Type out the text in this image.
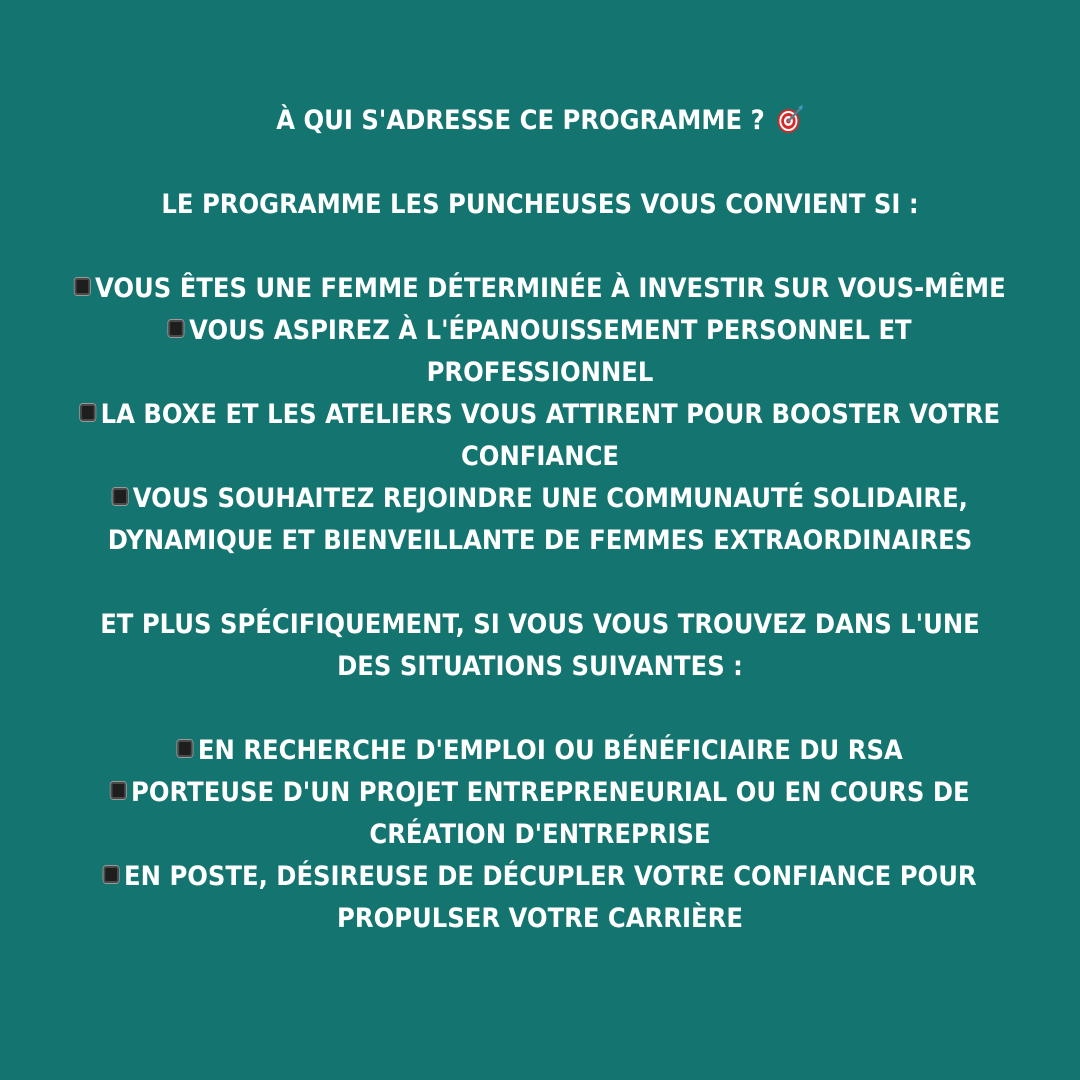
À QUI S'ADRESSE CE PROGRAMME ?

LE PROGRAMME LES PUNCHEUSES VOUS CONVIENT SI :

VOUS ÊTES UNE FEMME DÉTERMINÉE À INVESTIR SUR VOUS-MÊME

VOUS ASPIREZ À L'ÉPANOUISSEMENT PERSONNEL ET PROFESSIONNEL

LA BOXE ET LES ATELIERS VOUS ATTIRENT POUR BOOSTER VOTRE CONFIANCE

VOUS SOUHAITEZ REJOINDRE UNE COMMUNAUTÉ SOLIDAIRE, DYNAMIQUE ET BIENVEILLANTE DE FEMMES EXTRAORDINAIRES

ET PLUS SPÉCIFIQUEMENT, SI VOUS VOUS TROUVEZ DANS L'UNE DES SITUATIONS SUIVANTES :

EN RECHERCHE D'EMPLOI OU BÉNÉFICIAIRE DU RSA

PORTEUSE D'UN PROJET ENTREPRENEURIAL OU EN COURS DE CRÉATION D'ENTREPRISE

EN POSTE, DÉSIREUSE DE DÉCUPLER VOTRE CONFIANCE POUR PROPULSER VOTRE CARRIÈRE
